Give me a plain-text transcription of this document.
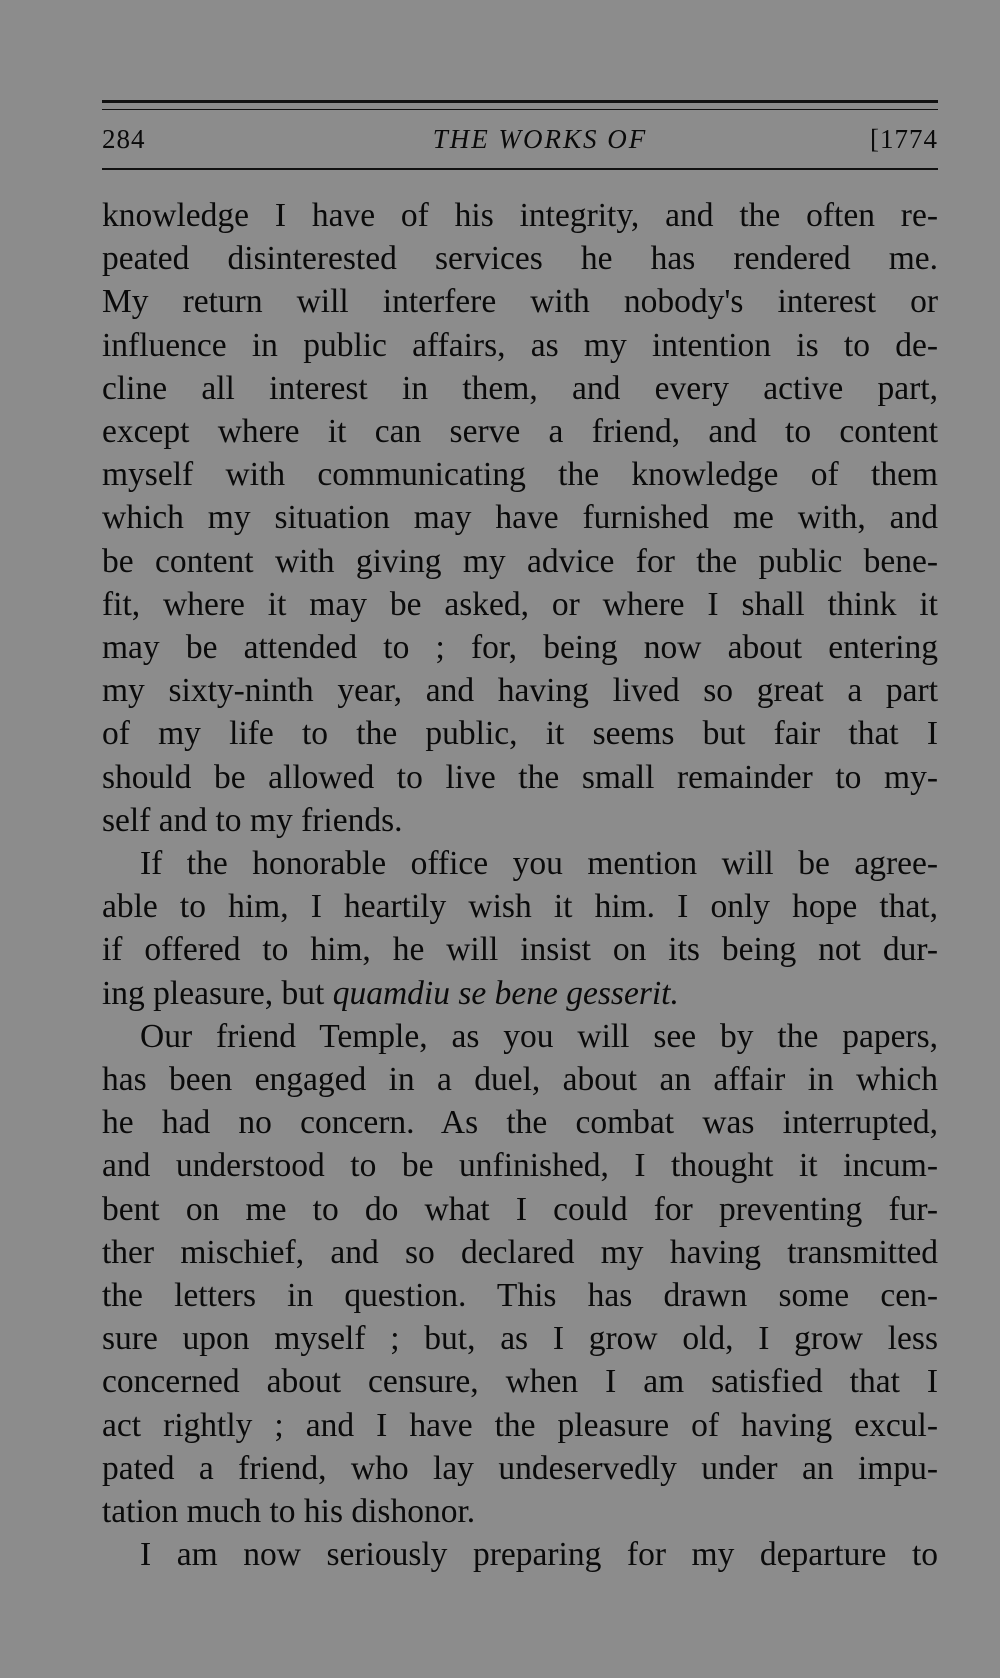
284	THE WORKS OF	[1774
knowledge I have of his integrity, and the often re-
peated disinterested services he has rendered me.
My return will interfere with nobody's interest or
influence in public affairs, as my intention is to de-
cline all interest in them, and every active part,
except where it can serve a friend, and to content
myself with communicating the knowledge of them
which my situation may have furnished me with, and
be content with giving my advice for the public bene-
fit, where it may be asked, or where I shall think it
may be attended to ; for, being now about entering
my sixty-ninth year, and having lived so great a part
of my life to the public, it seems but fair that I
should be allowed to live the small remainder to my-
self and to my friends.
If the honorable office you mention will be agree-
able to him, I heartily wish it him. I only hope that,
if offered to him, he will insist on its being not dur-
ing pleasure, but quamdiu se bene gesserit.
Our friend Temple, as you will see by the papers,
has been engaged in a duel, about an affair in which
he had no concern. As the combat was interrupted,
and understood to be unfinished, I thought it incum-
bent on me to do what I could for preventing fur-
ther mischief, and so declared my having transmitted
the letters in question. This has drawn some cen-
sure upon myself ; but, as I grow old, I grow less
concerned about censure, when I am satisfied that I
act rightly ; and I have the pleasure of having excul-
pated a friend, who lay undeservedly under an impu-
tation much to his dishonor.
I am now seriously preparing for my departure to
